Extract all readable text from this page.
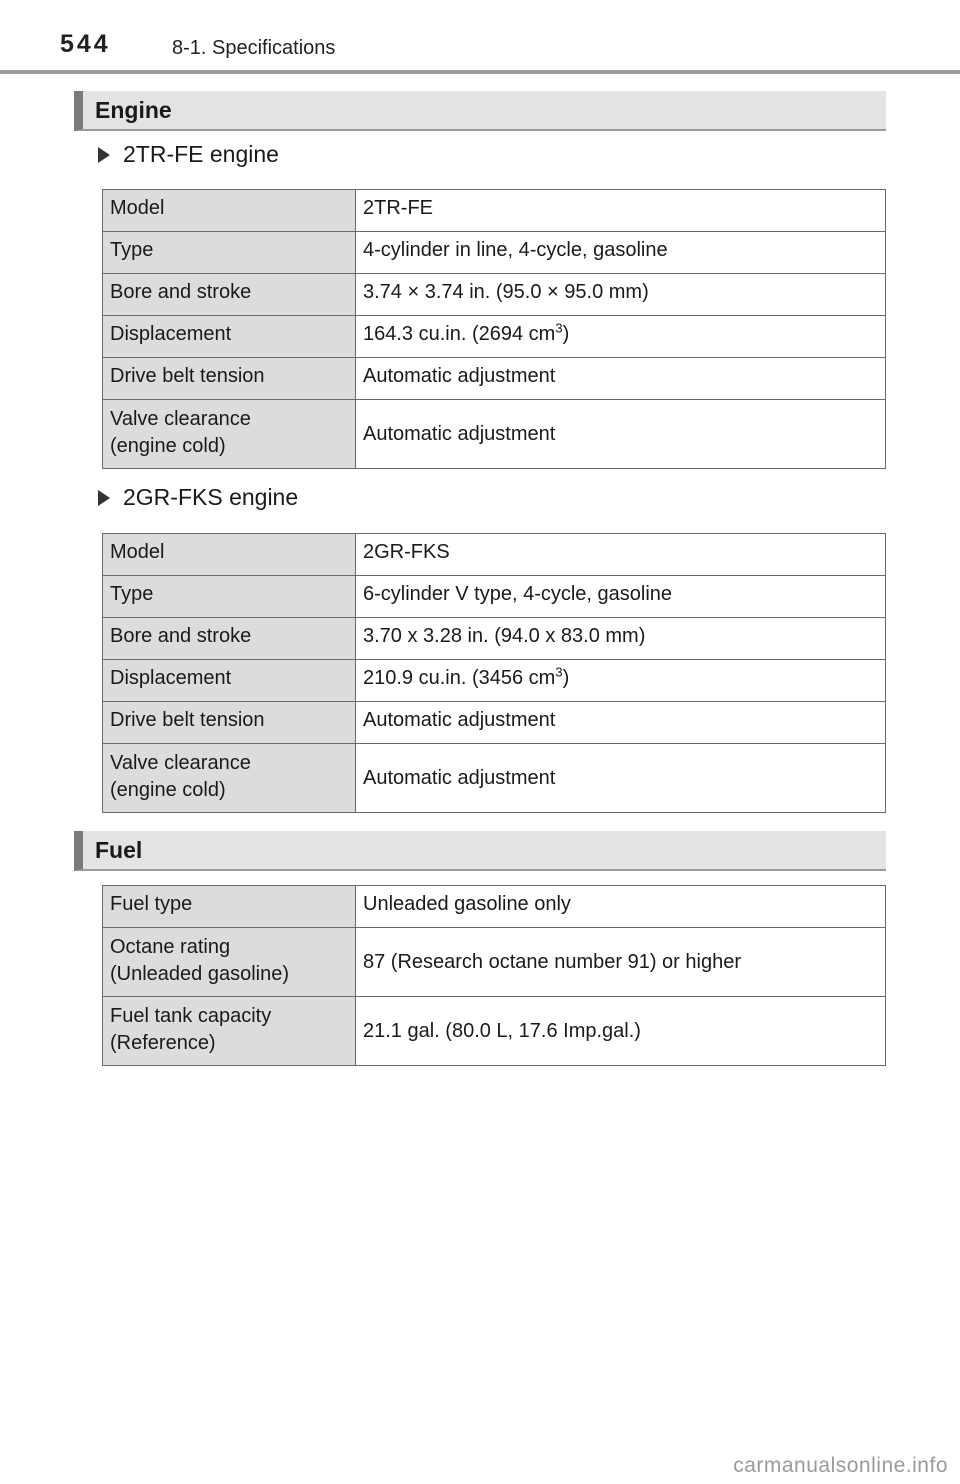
544	8-1. Specifications
Engine
2TR-FE engine
Model	2TR-FE
Type	4-cylinder in line, 4-cycle, gasoline
Bore and stroke	3.74 × 3.74 in. (95.0 × 95.0 mm)
Displacement	164.3 cu.in. (2694 $cm^3$)
Drive belt tension	Automatic adjustment
Valve clearance
(engine cold)	Automatic adjustment
2GR-FKS engine
Model	2GR-FKS
Type	6-cylinder V type, 4-cycle, gasoline
Bore and stroke	3.70 x 3.28 in. (94.0 x 83.0 mm)
Displacement	210.9 cu.in. (3456 $cm^3$)
Drive belt tension	Automatic adjustment
Valve clearance
(engine cold)	Automatic adjustment
Fuel
Fuel type	Unleaded gasoline only
Octane rating
(Unleaded gasoline)	87 (Research octane number 91) or higher
Fuel tank capacity
(Reference)	21.1 gal. (80.0 L, 17.6 Imp.gal.)
carmanualsonline.info
